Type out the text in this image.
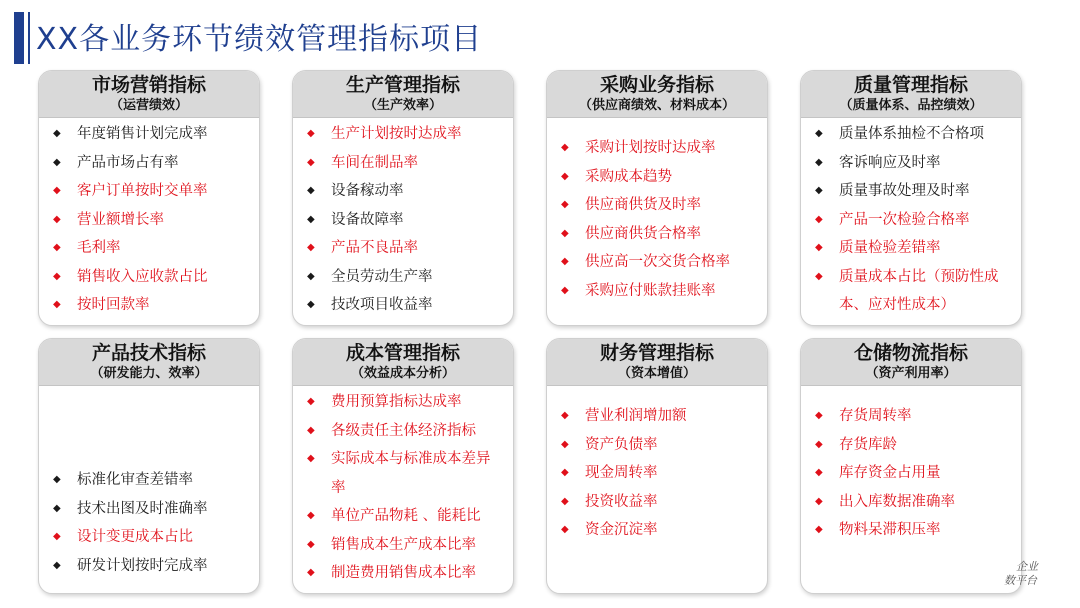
XX各业务环节绩效管理指标项目
市场营销指标
（运营绩效）
◆ 年度销售计划完成率
◆ 产品市场占有率
◆ 客户订单按时交单率
◆ 营业额增长率
◆ 毛利率
◆ 销售收入应收款占比
◆ 按时回款率
生产管理指标
（生产效率）
◆ 生产计划按时达成率
◆ 车间在制品率
◆ 设备稼动率
◆ 设备故障率
◆ 产品不良品率
◆ 全员劳动生产率
◆ 技改项目收益率
采购业务指标
（供应商绩效、材料成本）
◆ 采购计划按时达成率
◆ 采购成本趋势
◆ 供应商供货及时率
◆ 供应商供货合格率
◆ 供应高一次交货合格率
◆ 采购应付账款挂账率
质量管理指标
（质量体系、品控绩效）
◆ 质量体系抽检不合格项
◆ 客诉响应及时率
◆ 质量事故处理及时率
◆ 产品一次检验合格率
◆ 质量检验差错率
◆ 质量成本占比（预防性成本、应对性成本）
产品技术指标
（研发能力、效率）
◆ 标准化审查差错率
◆ 技术出图及时准确率
◆ 设计变更成本占比
◆ 研发计划按时完成率
成本管理指标
（效益成本分析）
◆ 费用预算指标达成率
◆ 各级责任主体经济指标
◆ 实际成本与标准成本差异率
◆ 单位产品物耗 、能耗比
◆ 销售成本生产成本比率
◆ 制造费用销售成本比率
财务管理指标
（资本增值）
◆ 营业利润增加额
◆ 资产负债率
◆ 现金周转率
◆ 投资收益率
◆ 资金沉淀率
仓储物流指标
（资产利用率）
◆ 存货周转率
◆ 存货库龄
◆ 库存资金占用量
◆ 出入库数据准确率
◆ 物料呆滞积压率
企业
数平台
